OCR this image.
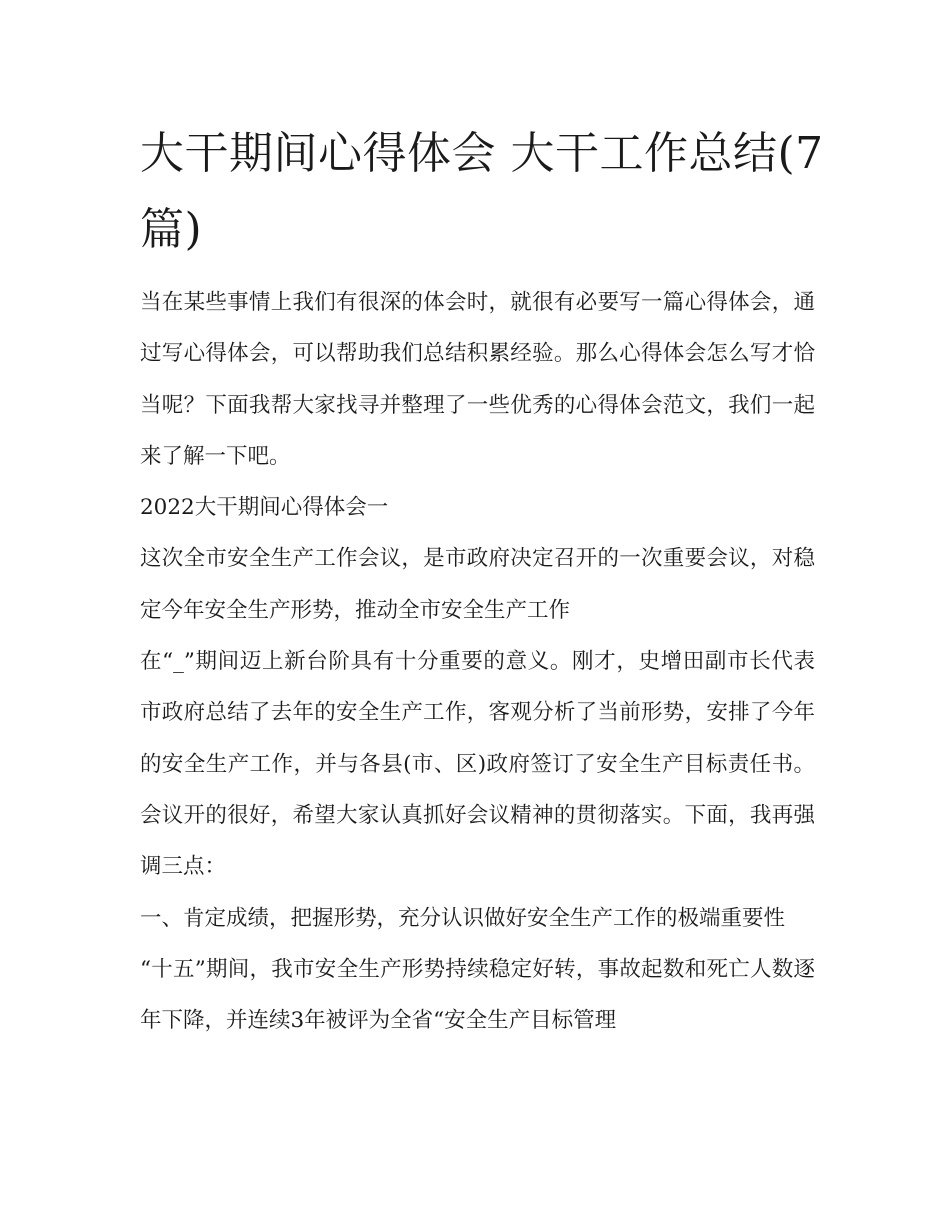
大干期间心得体会 大干工作总结(7篇)

当在某些事情上我们有很深的体会时，就很有必要写一篇心得体会，通过写心得体会，可以帮助我们总结积累经验。那么心得体会怎么写才恰当呢？下面我帮大家找寻并整理了一些优秀的心得体会范文，我们一起来了解一下吧。

2022大干期间心得体会一

这次全市安全生产工作会议，是市政府决定召开的一次重要会议，对稳定今年安全生产形势，推动全市安全生产工作

在“_”期间迈上新台阶具有十分重要的意义。刚才，史增田副市长代表市政府总结了去年的安全生产工作，客观分析了当前形势，安排了今年的安全生产工作，并与各县(市、区)政府签订了安全生产目标责任书。会议开的很好，希望大家认真抓好会议精神的贯彻落实。下面，我再强调三点：

一、肯定成绩，把握形势，充分认识做好安全生产工作的极端重要性

“十五”期间，我市安全生产形势持续稳定好转，事故起数和死亡人数逐年下降，并连续3年被评为全省“安全生产目标管理
